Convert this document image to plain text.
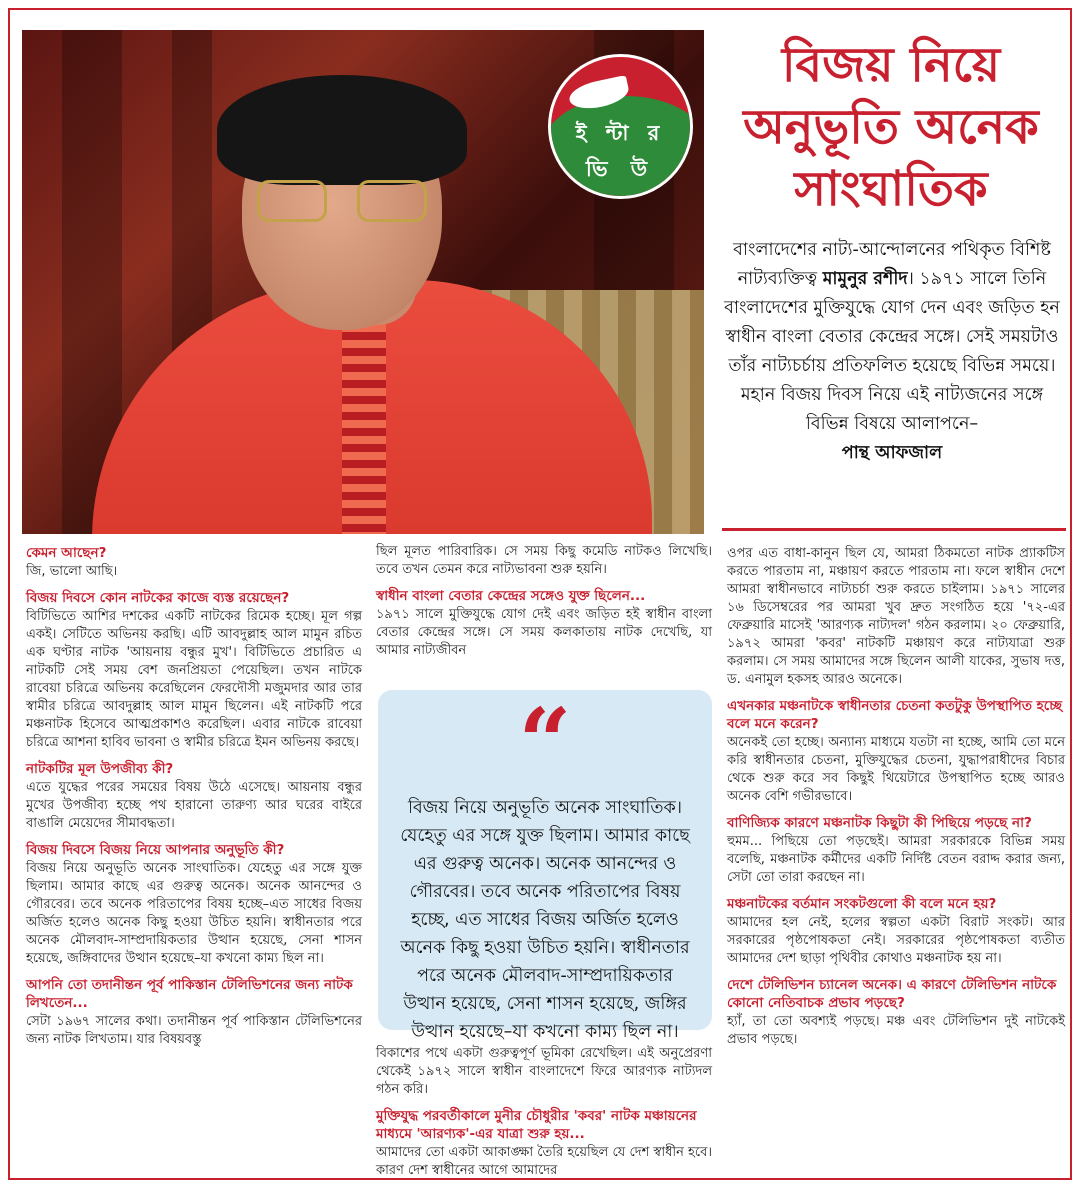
ই ন্টা র
ভি উ
বিজয় নিয়ে
অনুভূতি অনেক
সাংঘাতিক
বাংলাদেশের নাট্য-আন্দোলনের পথিকৃত বিশিষ্ট নাট্যব্যক্তিত্ব মামুনুর রশীদ। ১৯৭১ সালে তিনি বাংলাদেশের মুক্তিযুদ্ধে যোগ দেন এবং জড়িত হন স্বাধীন বাংলা বেতার কেন্দ্রের সঙ্গে। সেই সময়টাও তাঁর নাট্যচর্চায় প্রতিফলিত হয়েছে বিভিন্ন সময়ে। মহান বিজয় দিবস নিয়ে এই নাট্যজনের সঙ্গে বিভিন্ন বিষয়ে আলাপনে–
পান্থ আফজাল
কেমন আছেন?
জি, ভালো আছি।
বিজয় দিবসে কোন নাটকের কাজে ব্যস্ত রয়েছেন?
বিটিভিতে আশির দশকের একটি নাটকের রিমেক হচ্ছে। মূল গল্প একই। সেটিতে অভিনয় করছি। এটি আবদুল্লাহ আল মামুন রচিত এক ঘণ্টার নাটক 'আয়নায় বন্ধুর মুখ'। বিটিভিতে প্রচারিত এ নাটকটি সেই সময় বেশ জনপ্রিয়তা পেয়েছিল। তখন নাটকে রাবেয়া চরিত্রে অভিনয় করেছিলেন ফেরদৌসী মজুমদার আর তার স্বামীর চরিত্রে আবদুল্লাহ আল মামুন ছিলেন। এই নাটকটি পরে মঞ্চনাটক হিসেবে আত্মপ্রকাশও করেছিল। এবার নাটকে রাবেয়া চরিত্রে আশনা হাবিব ভাবনা ও স্বামীর চরিত্রে ইমন অভিনয় করছে।
নাটকটির মূল উপজীব্য কী?
এতে যুদ্ধের পরের সময়ের বিষয় উঠে এসেছে। আয়নায় বন্ধুর মুখের উপজীব্য হচ্ছে পথ হারানো তারুণ্য আর ঘরের বাইরে বাঙালি মেয়েদের সীমাবদ্ধতা।
বিজয় দিবসে বিজয় নিয়ে আপনার অনুভূতি কী?
বিজয় নিয়ে অনুভূতি অনেক সাংঘাতিক। যেহেতু এর সঙ্গে যুক্ত ছিলাম। আমার কাছে এর গুরুত্ব অনেক। অনেক আনন্দের ও গৌরবের। তবে অনেক পরিতাপের বিষয় হচ্ছে–এত সাধের বিজয় অর্জিত হলেও অনেক কিছু হওয়া উচিত হয়নি। স্বাধীনতার পরে অনেক মৌলবাদ-সাম্প্রদায়িকতার উত্থান হয়েছে, সেনা শাসন হয়েছে, জঙ্গিবাদের উত্থান হয়েছে–যা কখনো কাম্য ছিল না।
আপনি তো তদানীন্তন পূর্ব পাকিস্তান টেলিভিশনের জন্য নাটক লিখতেন...
সেটা ১৯৬৭ সালের কথা। তদানীন্তন পূর্ব পাকিস্তান টেলিভিশনের জন্য নাটক লিখতাম। যার বিষয়বস্তু
ছিল মূলত পারিবারিক। সে সময় কিছু কমেডি নাটকও লিখেছি। তবে তখন তেমন করে নাট্যভাবনা শুরু হয়নি।
স্বাধীন বাংলা বেতার কেন্দ্রের সঙ্গেও যুক্ত ছিলেন...
১৯৭১ সালে মুক্তিযুদ্ধে যোগ দেই এবং জড়িত হই স্বাধীন বাংলা বেতার কেন্দ্রের সঙ্গে। সে সময় কলকাতায় নাটক দেখেছি, যা আমার নাট্যজীবন
“
বিজয় নিয়ে অনুভূতি অনেক সাংঘাতিক। যেহেতু এর সঙ্গে যুক্ত ছিলাম। আমার কাছে এর গুরুত্ব অনেক। অনেক আনন্দের ও গৌরবের। তবে অনেক পরিতাপের বিষয় হচ্ছে, এত সাধের বিজয় অর্জিত হলেও অনেক কিছু হওয়া উচিত হয়নি। স্বাধীনতার পরে অনেক মৌলবাদ-সাম্প্রদায়িকতার উত্থান হয়েছে, সেনা শাসন হয়েছে, জঙ্গির উত্থান হয়েছে–যা কখনো কাম্য ছিল না।
বিকাশের পথে একটা গুরুত্বপূর্ণ ভূমিকা রেখেছিল। এই অনুপ্রেরণা থেকেই ১৯৭২ সালে স্বাধীন বাংলাদেশে ফিরে আরণ্যক নাট্যদল গঠন করি।
মুক্তিযুদ্ধ পরবর্তীকালে মুনীর চৌধুরীর 'কবর' নাটক মঞ্চায়নের মাধ্যমে 'আরণ্যক'-এর যাত্রা শুরু হয়...
আমাদের তো একটা আকাঙ্ক্ষা তৈরি হয়েছিল যে দেশ স্বাধীন হবে। কারণ দেশ স্বাধীনের আগে আমাদের
ওপর এত বাধা-কানুন ছিল যে, আমরা ঠিকমতো নাটক প্র্যাকটিস করতে পারতাম না, মঞ্চায়ণ করতে পারতাম না। ফলে স্বাধীন দেশে আমরা স্বাধীনভাবে নাট্যচর্চা শুরু করতে চাইলাম। ১৯৭১ সালের ১৬ ডিসেম্বরের পর আমরা খুব দ্রুত সংগঠিত হয়ে '৭২-এর ফেব্রুয়ারি মাসেই 'আরণ্যক নাট্যদল' গঠন করলাম। ২০ ফেব্রুয়ারি, ১৯৭২ আমরা 'কবর' নাটকটি মঞ্চায়ণ করে নাট্যযাত্রা শুরু করলাম। সে সময় আমাদের সঙ্গে ছিলেন আলী যাকের, সুভাষ দত্ত, ড. এনামুল হকসহ আরও অনেকে।
এখনকার মঞ্চনাটকে স্বাধীনতার চেতনা কতটুকু উপস্থাপিত হচ্ছে বলে মনে করেন?
অনেকই তো হচ্ছে। অন্যান্য মাধ্যমে যতটা না হচ্ছে, আমি তো মনে করি স্বাধীনতার চেতনা, মুক্তিযুদ্ধের চেতনা, যুদ্ধাপরাধীদের বিচার থেকে শুরু করে সব কিছুই থিয়েটারে উপস্থাপিত হচ্ছে আরও অনেক বেশি গভীরভাবে।
বাণিজ্যিক কারণে মঞ্চনাটক কিছুটা কী পিছিয়ে পড়ছে না?
হুমম... পিছিয়ে তো পড়ছেই। আমরা সরকারকে বিভিন্ন সময় বলেছি, মঞ্চনাটক কর্মীদের একটি নির্দিষ্ট বেতন বরাদ্দ করার জন্য, সেটা তো তারা করছেন না।
মঞ্চনাটকের বর্তমান সংকটগুলো কী বলে মনে হয়?
আমাদের হল নেই, হলের স্বল্পতা একটা বিরাট সংকট। আর সরকারের পৃষ্ঠপোষকতা নেই। সরকারের পৃষ্ঠপোষকতা ব্যতীত আমাদের দেশ ছাড়া পৃথিবীর কোথাও মঞ্চনাটক হয় না।
দেশে টেলিভিশন চ্যানেল অনেক। এ কারণে টেলিভিশন নাটকে কোনো নেতিবাচক প্রভাব পড়ছে?
হ্যাঁ, তা তো অবশ্যই পড়ছে। মঞ্চ এবং টেলিভিশন দুই নাটকেই প্রভাব পড়ছে।
